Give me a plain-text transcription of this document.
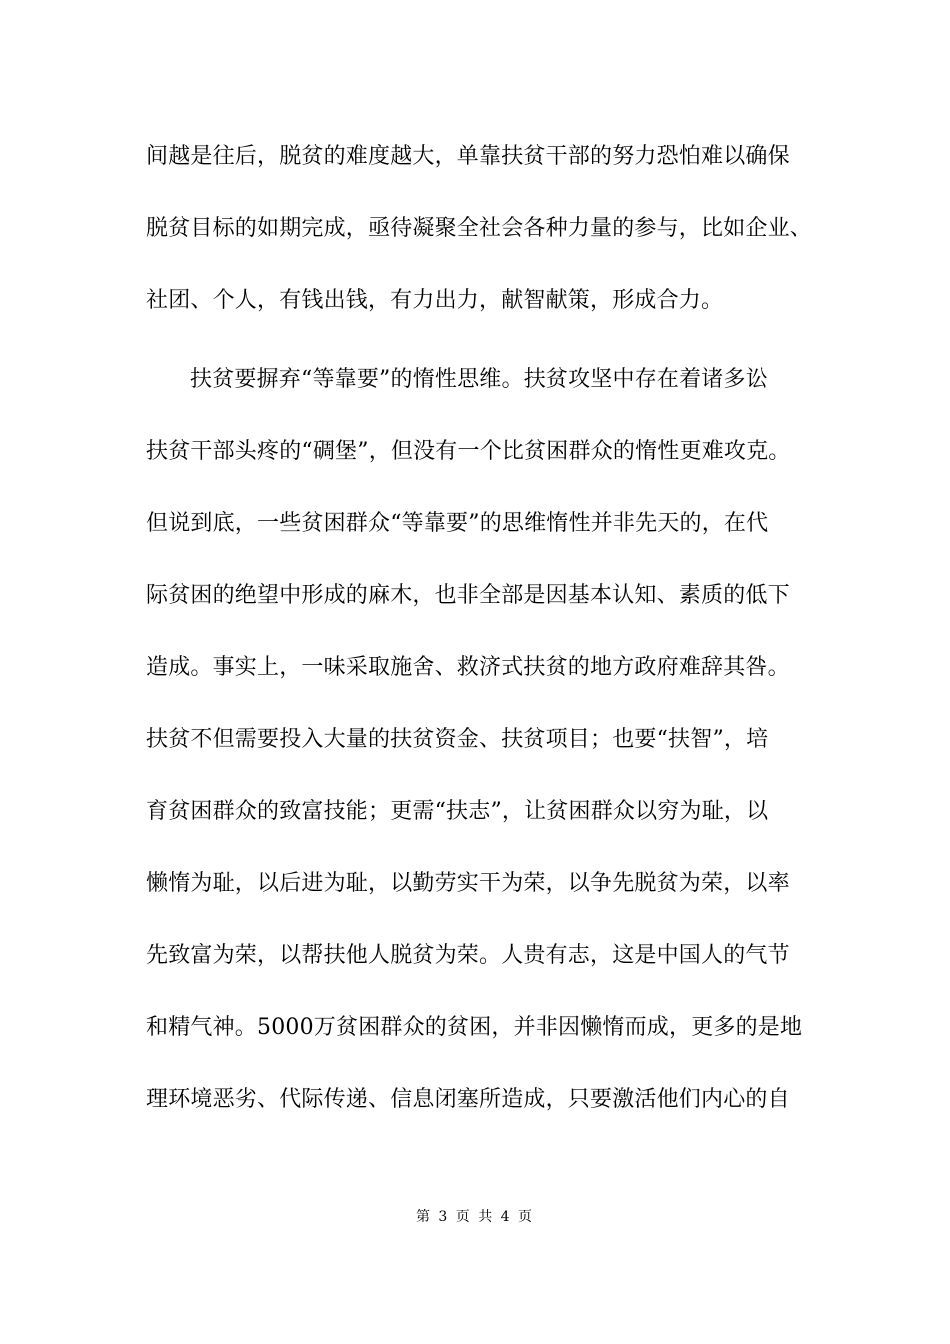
间越是往后，脱贫的难度越大，单靠扶贫干部的努力恐怕难以确保
脱贫目标的如期完成，亟待凝聚全社会各种力量的参与，比如企业、
社团、个人，有钱出钱，有力出力，献智献策，形成合力。
扶贫要摒弃“等靠要”的惰性思维。扶贫攻坚中存在着诸多讼
扶贫干部头疼的“碉堡”，但没有一个比贫困群众的惰性更难攻克。
但说到底，一些贫困群众“等靠要”的思维惰性并非先天的，在代
际贫困的绝望中形成的麻木，也非全部是因基本认知、素质的低下
造成。事实上，一味采取施舍、救济式扶贫的地方政府难辞其咎。
扶贫不但需要投入大量的扶贫资金、扶贫项目；也要“扶智”，培
育贫困群众的致富技能；更需“扶志”，让贫困群众以穷为耻，以
懒惰为耻，以后进为耻，以勤劳实干为荣，以争先脱贫为荣，以率
先致富为荣，以帮扶他人脱贫为荣。人贵有志，这是中国人的气节
和精气神。5000万贫困群众的贫困，并非因懒惰而成，更多的是地
理环境恶劣、代际传递、信息闭塞所造成，只要激活他们内心的自
第 3 页 共 4 页
